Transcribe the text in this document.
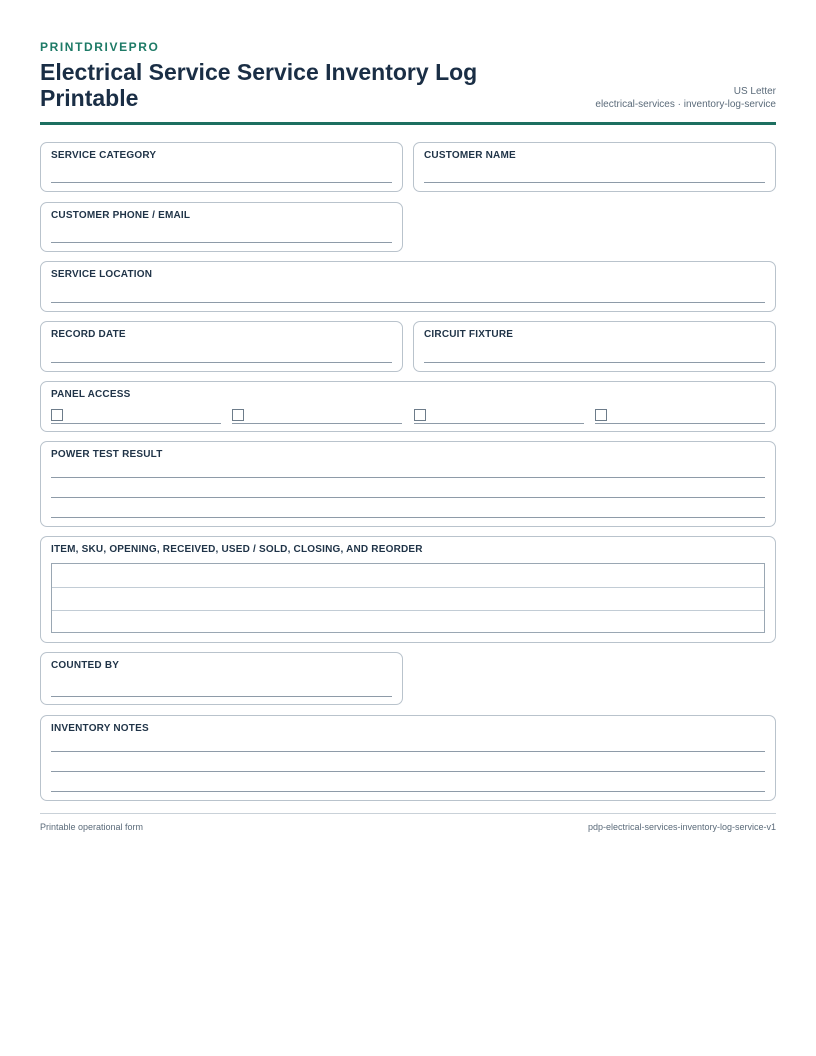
PRINTDRIVEPRO
Electrical Service Service Inventory Log Printable	US Letter
electrical-services · inventory-log-service
SERVICE CATEGORY	CUSTOMER NAME
CUSTOMER PHONE / EMAIL
SERVICE LOCATION
RECORD DATE	CIRCUIT FIXTURE
PANEL ACCESS
POWER TEST RESULT
ITEM, SKU, OPENING, RECEIVED, USED / SOLD, CLOSING, AND REORDER
COUNTED BY
INVENTORY NOTES
Printable operational form	pdp-electrical-services-inventory-log-service-v1
